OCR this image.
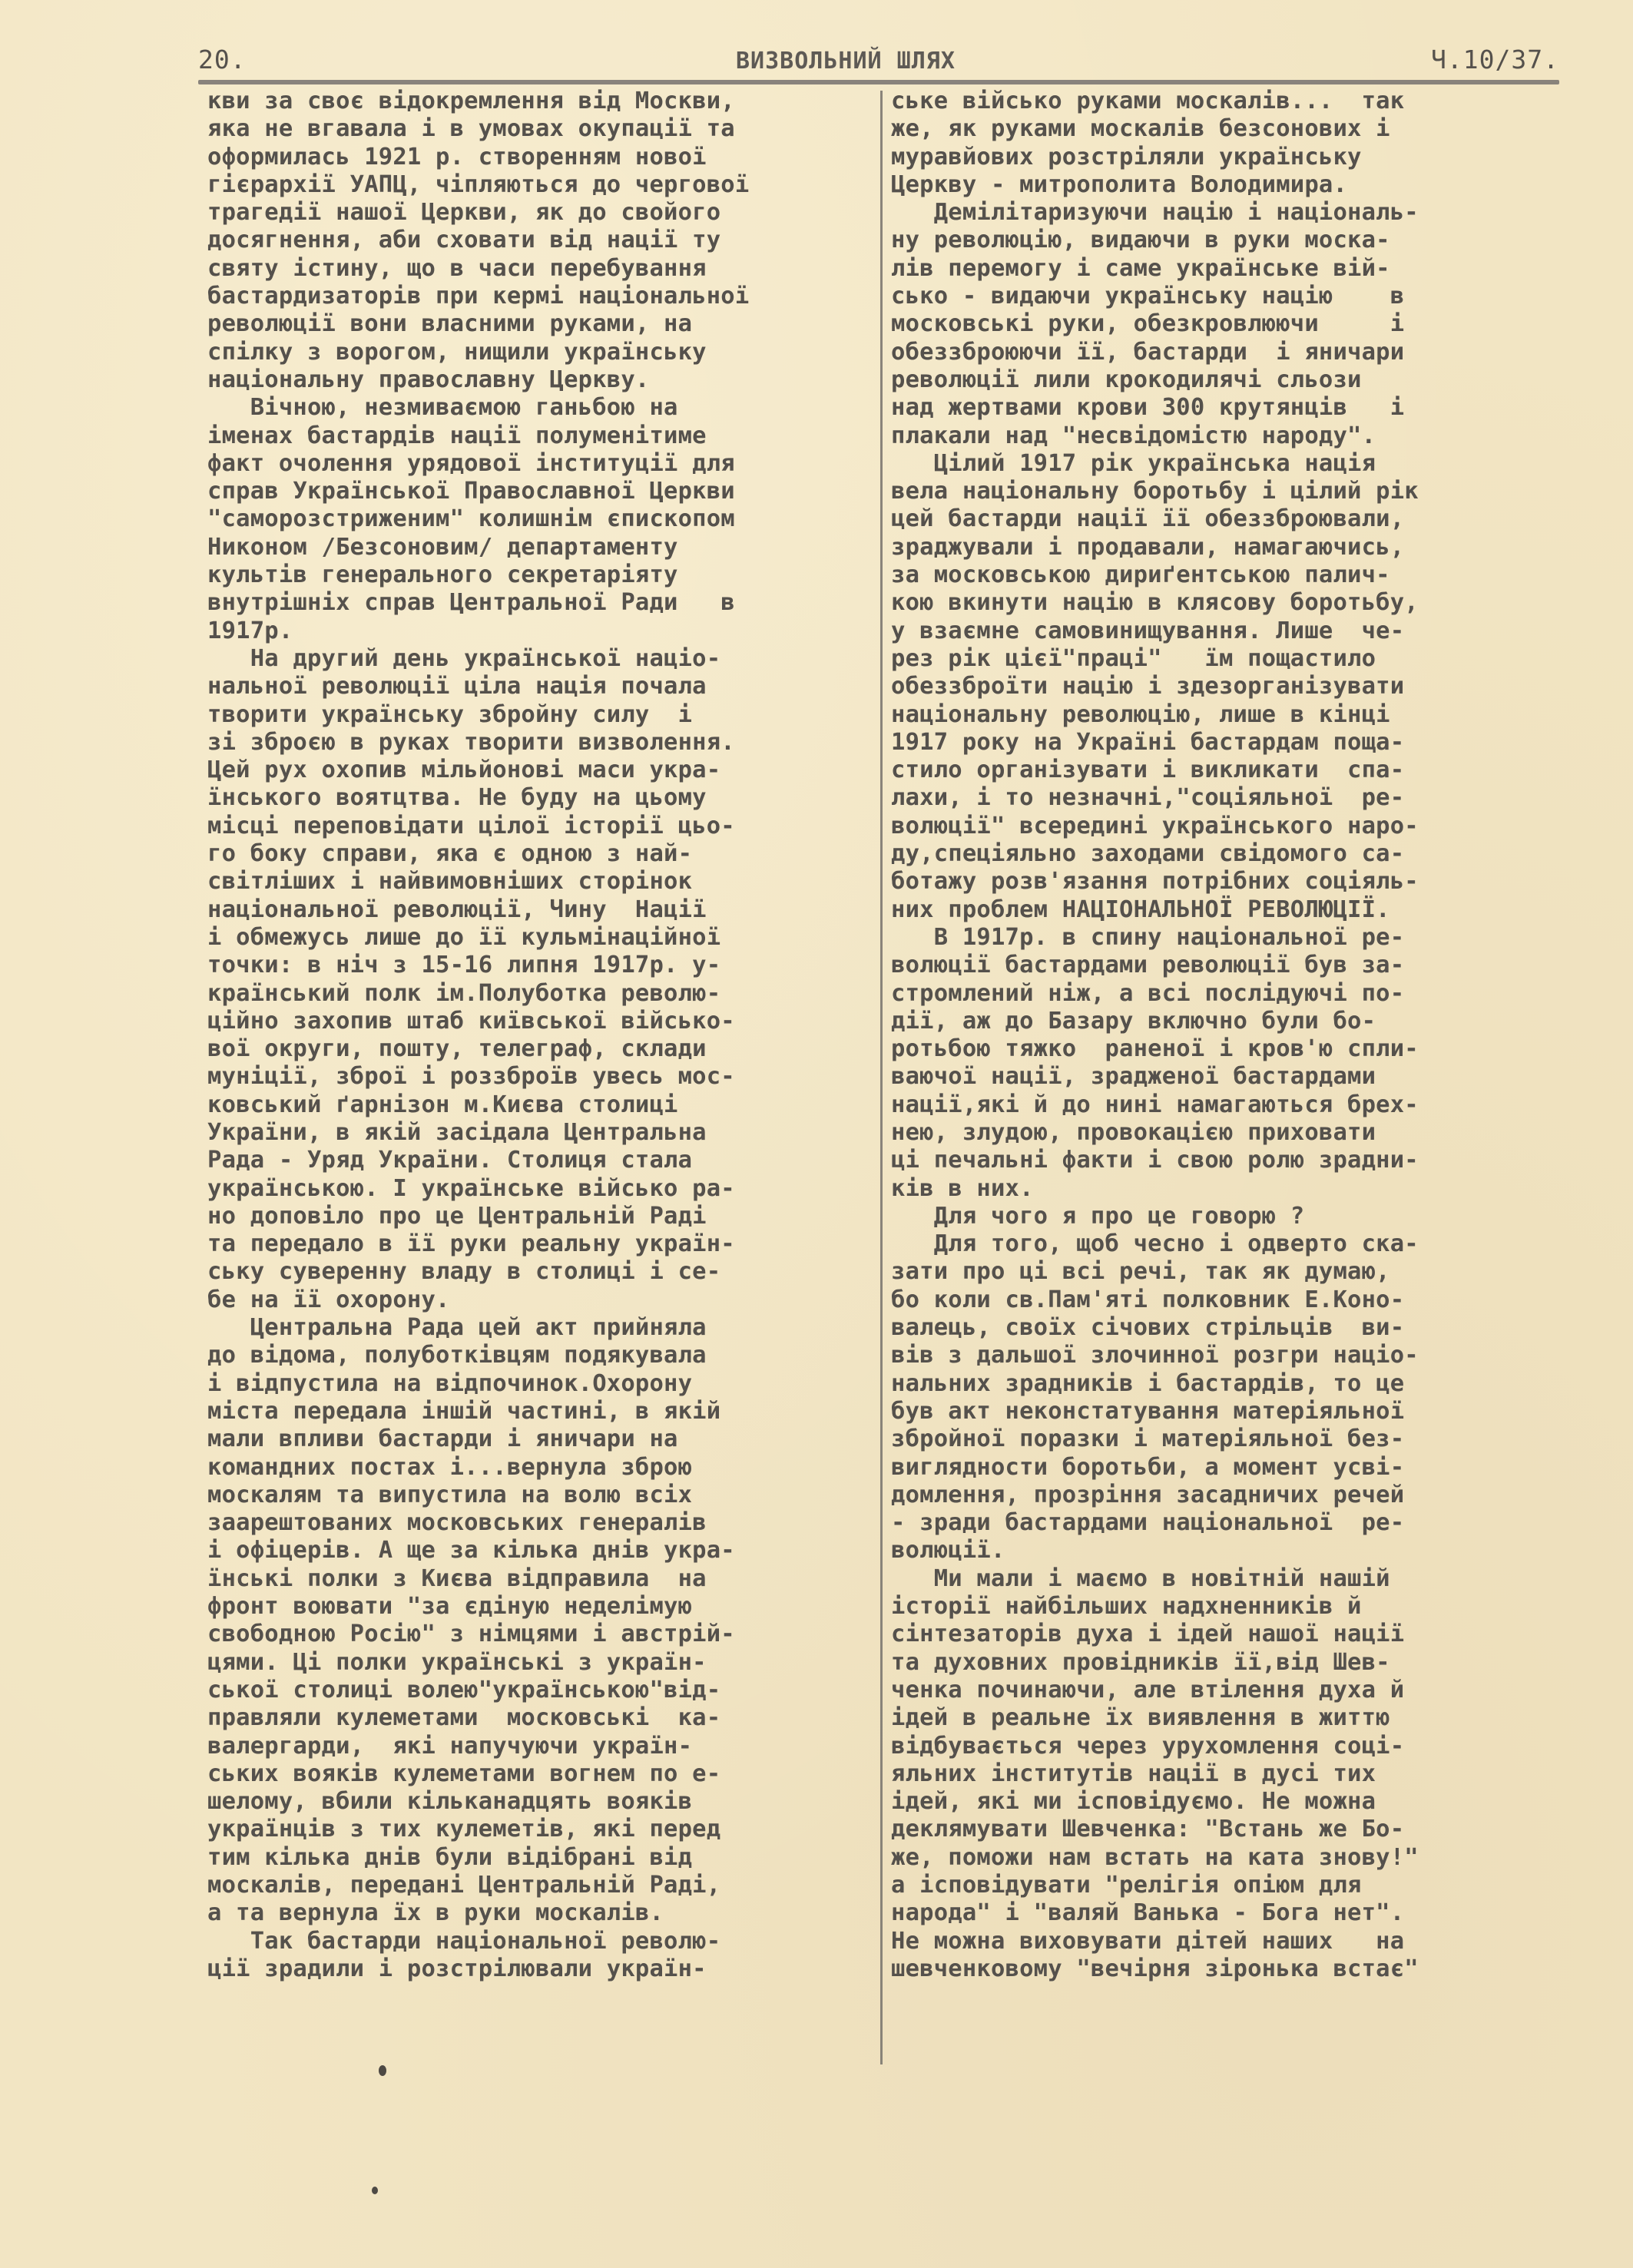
20.	ВИЗВОЛЬНИЙ ШЛЯХ	Ч.10/37.
кви за своє відокремлення від Москви,
яка не вгавала і в умовах окупації та
оформилась 1921 р. створенням нової
гієрархії УАПЦ, чіпляються до чергової
трагедії нашої Церкви, як до свойого
досягнення, аби сховати від нації ту
святу істину, що в часи перебування
бастардизаторів при кермі національної
революції вони власними руками, на
спілку з ворогом, нищили українську
національну православну Церкву.
Вічною, незмиваємою ганьбою на
іменах бастардів нації полуменітиме
факт очолення урядової інституції для
справ Української Православної Церкви
"саморозстриженим" колишнім єпископом
Никоном /Безсоновим/ департаменту
культів генерального секретаріяту
внутрішніх справ Центральної Ради   в
1917р.
На другий день української націо-
нальної революції ціла нація почала
творити українську збройну силу  і
зі зброєю в руках творити визволення.
Цей рух охопив мільйонові маси укра-
їнського воятцтва. Не буду на цьому
місці переповідати цілої історії цьо-
го боку справи, яка є одною з най-
світліших і найвимовніших сторінок
національної революції, Чину  Нації
і обмежусь лише до її кульмінаційної
точки: в ніч з 15-16 липня 1917р. у-
країнський полк ім.Полуботка револю-
ційно захопив штаб київської військо-
вої округи, пошту, телеграф, склади
муніції, зброї і роззброїв увесь мос-
ковський ґарнізон м.Києва столиці
України, в якій засідала Центральна
Рада - Уряд України. Столиця стала
українською. І українське військо ра-
но доповіло про це Центральній Раді
та передало в її руки реальну україн-
ську суверенну владу в столиці і се-
бе на її охорону.
Центральна Рада цей акт прийняла
до відома, полуботківцям подякувала
і відпустила на відпочинок.Охорону
міста передала іншій частині, в якій
мали впливи бастарди і яничари на
командних постах і...вернула зброю
москалям та випустила на волю всіх
заарештованих московських генералів
і офіцерів. А ще за кілька днів укра-
їнські полки з Києва відправила  на
фронт воювати "за єдіную неделімую
свободною Росію" з німцями і австрій-
цями. Ці полки українські з україн-
ської столиці волею"українською"від-
правляли кулеметами  московські  ка-
валергарди,  які напучуючи україн-
ських вояків кулеметами вогнем по е-
шелому, вбили кільканадцять вояків
українців з тих кулеметів, які перед
тим кілька днів були відібрані від
москалів, передані Центральній Раді,
а та вернула їх в руки москалів.
Так бастарди національної револю-
ції зрадили і розстрілювали україн-
ське військо руками москалів...  так
же, як руками москалів безсонових і
муравйових розстріляли українську
Церкву - митрополита Володимира.
Демілітаризуючи націю і національ-
ну революцію, видаючи в руки моска-
лів перемогу і саме українське вій-
сько - видаючи українську націю    в
московські руки, обезкровлюючи     і
обеззброюючи її, бастарди  і яничари
революції лили крокодилячі сльози
над жертвами крови 300 крутянців   і
плакали над "несвідомістю народу".
Цілий 1917 рік українська нація
вела національну боротьбу і цілий рік
цей бастарди нації її обеззброювали,
зраджували і продавали, намагаючись,
за московською дириґентською палич-
кою вкинути націю в клясову боротьбу,
у взаємне самовинищування. Лише  че-
рез рік цієї"праці"   їм пощастило
обеззброїти націю і здезорганізувати
національну революцію, лише в кінці
1917 року на Україні бастардам поща-
стило організувати і викликати  спа-
лахи, і то незначні,"соціяльної  ре-
волюції" всередині українського наро-
ду,спеціяльно заходами свідомого са-
ботажу розв'язання потрібних соціяль-
них проблем НАЦІОНАЛЬНОЇ РЕВОЛЮЦІЇ.
В 1917р. в спину національної ре-
волюції бастардами революції був за-
стромлений ніж, а всі послідуючі по-
дії, аж до Базару включно були бо-
ротьбою тяжко  раненої і кров'ю спли-
ваючої нації, зрадженої бастардами
нації,які й до нині намагаються брех-
нею, злудою, провокацією приховати
ці печальні факти і свою ролю зрадни-
ків в них.
Для чого я про це говорю ?
Для того, щоб чесно і одверто ска-
зати про ці всі речі, так як думаю,
бо коли св.Пам'яті полковник Е.Коно-
валець, своїх січових стрільців  ви-
вів з дальшої злочинної розгри націо-
нальних зрадників і бастардів, то це
був акт неконстатування матеріяльної
збройної поразки і матеріяльної без-
виглядности боротьби, а момент усві-
домлення, прозріння засадничих речей
- зради бастардами національної  ре-
волюції.
Ми мали і маємо в новітній нашій
історії найбільших надхненників й
сінтезаторів духа і ідей нашої нації
та духовних провідників її,від Шев-
ченка починаючи, але втілення духа й
ідей в реальне їх виявлення в життю
відбувається через урухомлення соці-
яльних інститутів нації в дусі тих
ідей, які ми ісповідуємо. Не можна
деклямувати Шевченка: "Встань же Бо-
же, поможи нам встать на ката знову!"
а ісповідувати "релігія опіюм для
народа" і "валяй Ванька - Бога нет".
Не можна виховувати дітей наших   на
шевченковому "вечірня зіронька встає"
